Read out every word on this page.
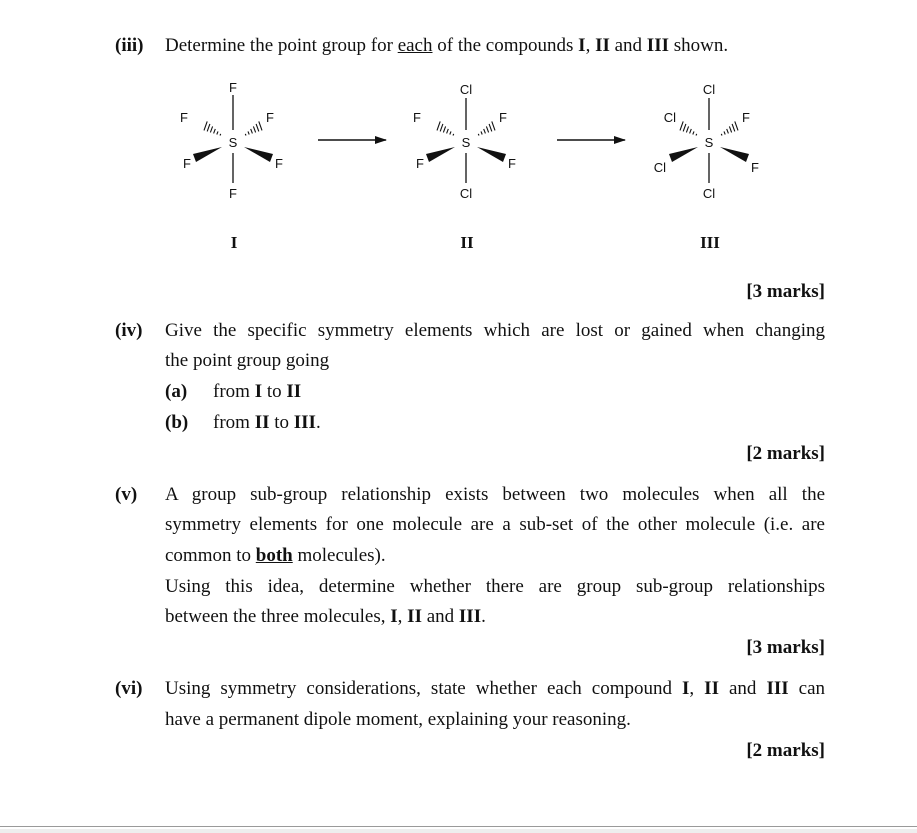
(iii) Determine the point group for each of the compounds I, II and III shown.
S
F
F
F	F
F	F
S
Cl
Cl
F	F
F	F
S
Cl
Cl
Cl	F
Cl	F
I	II	III
[3 marks]
(iv) Give the specific symmetry elements which are lost or gained when changing
the point group going
(a) from I to II
(b) from II to III.
[2 marks]
(v) A group sub-group relationship exists between two molecules when all the
symmetry elements for one molecule are a sub-set of the other molecule (i.e. are
common to both molecules).
Using this idea, determine whether there are group sub-group relationships
between the three molecules, I, II and III.
[3 marks]
(vi) Using symmetry considerations, state whether each compound I, II and III can
have a permanent dipole moment, explaining your reasoning.
[2 marks]
